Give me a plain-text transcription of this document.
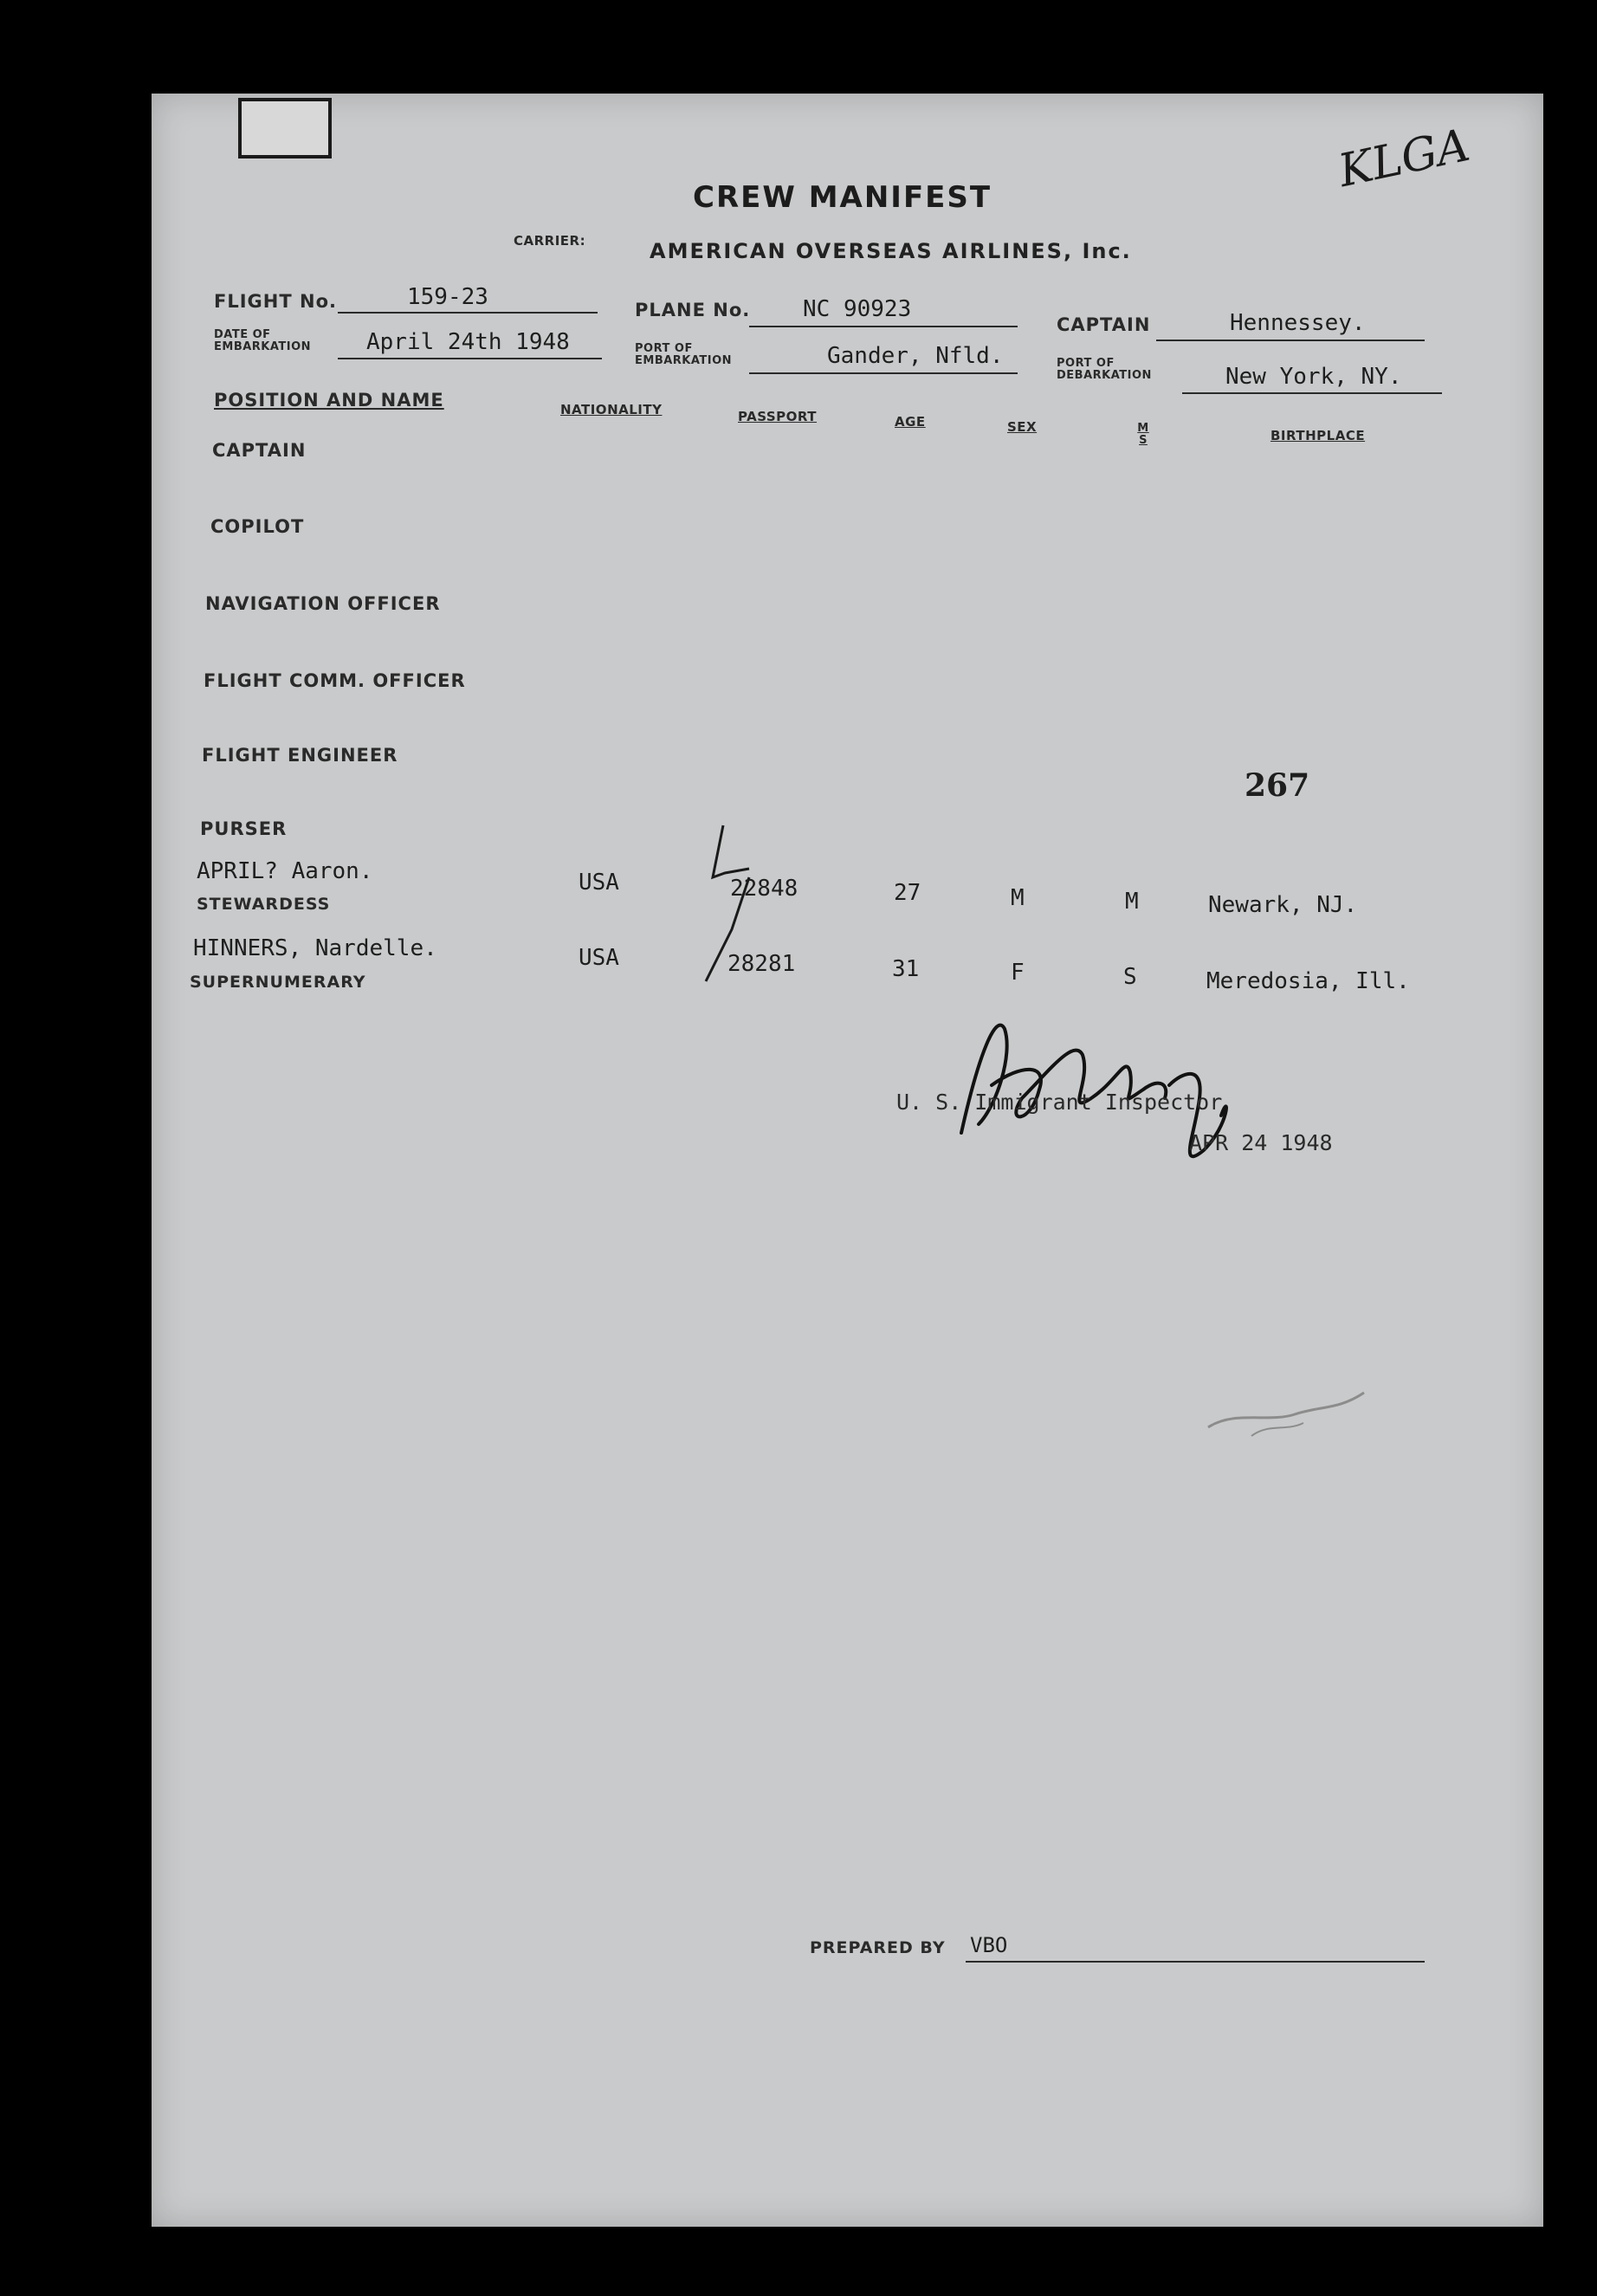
KLGA
CREW MANIFEST
CARRIER:	AMERICAN OVERSEAS AIRLINES, Inc.
FLIGHT No.	159-23	PLANE No. NC 90923
CAPTAIN	Hennessey.
DATE OF EMBARKATION	April 24th 1948	PORT OF EMBARKATION	Gander, Nfld.	PORT OF DEBARKATION	New York, NY.
POSITION AND NAME	NATIONALITY	PASSPORT	AGE	SEX	M S	BIRTHPLACE
CAPTAIN
COPILOT
NAVIGATION OFFICER
FLIGHT COMM. OFFICER
FLIGHT ENGINEER
PURSER
267
APRIL? Aaron.
STEWARDESS
USA	22848	27	M	M	Newark, NJ.
HINNERS, Nardelle.
SUPERNUMERARY
USA	28281	31	F	S	Meredosia, Ill.
U. S. Immigrant Inspector
APR 24 1948
PREPARED BY VBO
